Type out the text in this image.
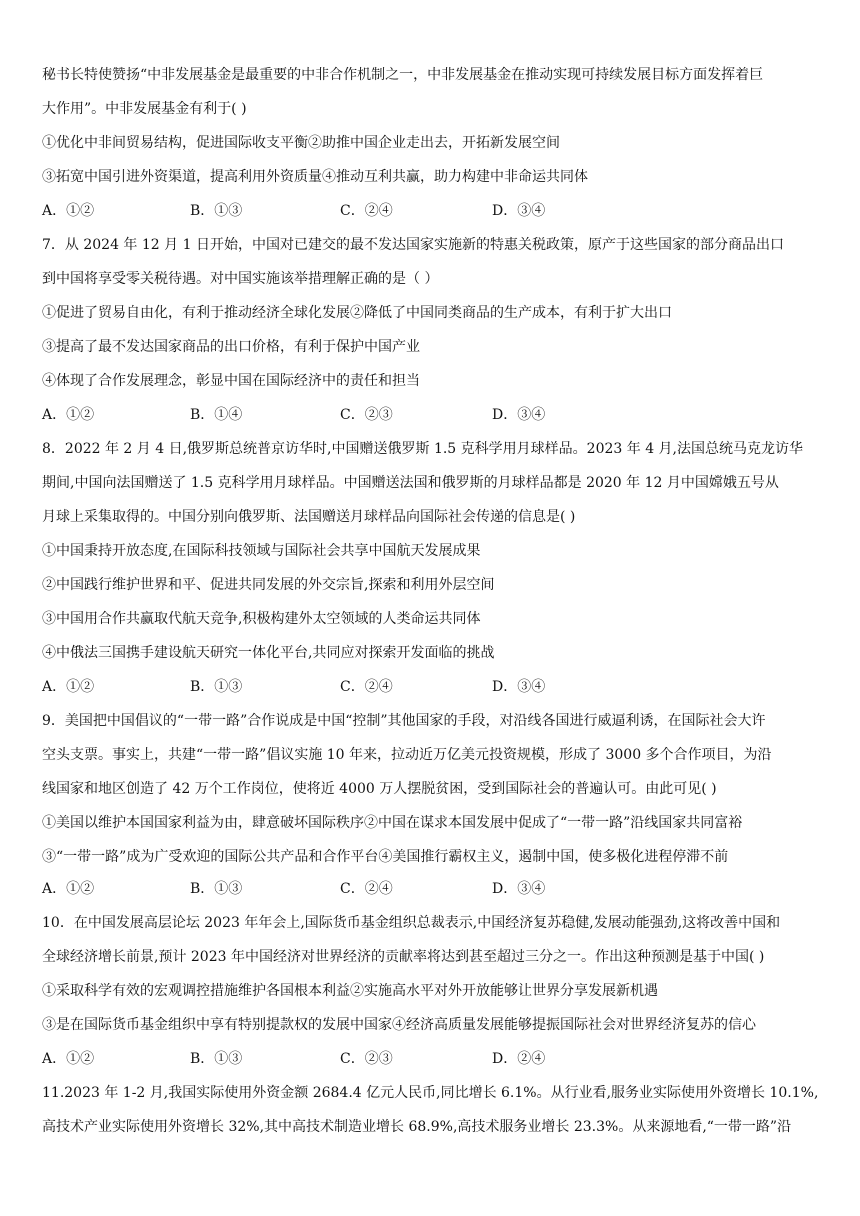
秘书长特使赞扬“中非发展基金是最重要的中非合作机制之一，中非发展基金在推动实现可持续发展目标方面发挥着巨
大作用”。中非发展基金有利于( )
①优化中非间贸易结构，促进国际收支平衡②助推中国企业走出去，开拓新发展空间
③拓宽中国引进外资渠道，提高利用外资质量④推动互利共赢，助力构建中非命运共同体
A．①②	B．①③	C．②④	D．③④
7．从 2024 年 12 月 1 日开始，中国对已建交的最不发达国家实施新的特惠关税政策，原产于这些国家的部分商品出口
到中国将享受零关税待遇。对中国实施该举措理解正确的是（ ）
①促进了贸易自由化，有利于推动经济全球化发展②降低了中国同类商品的生产成本，有利于扩大出口
③提高了最不发达国家商品的出口价格，有利于保护中国产业
④体现了合作发展理念，彰显中国在国际经济中的责任和担当
A．①②	B．①④	C．②③	D．③④
8．2022 年 2 月 4 日,俄罗斯总统普京访华时,中国赠送俄罗斯 1.5 克科学用月球样品。2023 年 4 月,法国总统马克龙访华
期间,中国向法国赠送了 1.5 克科学用月球样品。中国赠送法国和俄罗斯的月球样品都是 2020 年 12 月中国嫦娥五号从
月球上采集取得的。中国分别向俄罗斯、法国赠送月球样品向国际社会传递的信息是( )
①中国秉持开放态度,在国际科技领域与国际社会共享中国航天发展成果
②中国践行维护世界和平、促进共同发展的外交宗旨,探索和利用外层空间
③中国用合作共赢取代航天竞争,积极构建外太空领域的人类命运共同体
④中俄法三国携手建设航天研究一体化平台,共同应对探索开发面临的挑战
A．①②	B．①③	C．②④	D．③④
9．美国把中国倡议的“一带一路”合作说成是中国“控制”其他国家的手段，对沿线各国进行威逼利诱，在国际社会大许
空头支票。事实上，共建“一带一路”倡议实施 10 年来，拉动近万亿美元投资规模，形成了 3000 多个合作项目，为沿
线国家和地区创造了 42 万个工作岗位，使将近 4000 万人摆脱贫困，受到国际社会的普遍认可。由此可见( )
①美国以维护本国国家利益为由，肆意破坏国际秩序②中国在谋求本国发展中促成了“一带一路”沿线国家共同富裕
③“一带一路”成为广受欢迎的国际公共产品和合作平台④美国推行霸权主义，遏制中国，使多极化进程停滞不前
A．①②	B．①③	C．②④	D．③④
10．在中国发展高层论坛 2023 年年会上,国际货币基金组织总裁表示,中国经济复苏稳健,发展动能强劲,这将改善中国和
全球经济增长前景,预计 2023 年中国经济对世界经济的贡献率将达到甚至超过三分之一。作出这种预测是基于中国( )
①采取科学有效的宏观调控措施维护各国根本利益②实施高水平对外开放能够让世界分享发展新机遇
③是在国际货币基金组织中享有特别提款权的发展中国家④经济高质量发展能够提振国际社会对世界经济复苏的信心
A．①②	B．①③	C．②③	D．②④
11.2023 年 1-2 月,我国实际使用外资金额 2684.4 亿元人民币,同比增长 6.1%。从行业看,服务业实际使用外资增长 10.1%,
高技术产业实际使用外资增长 32%,其中高技术制造业增长 68.9%,高技术服务业增长 23.3%。从来源地看,“一带一路”沿
